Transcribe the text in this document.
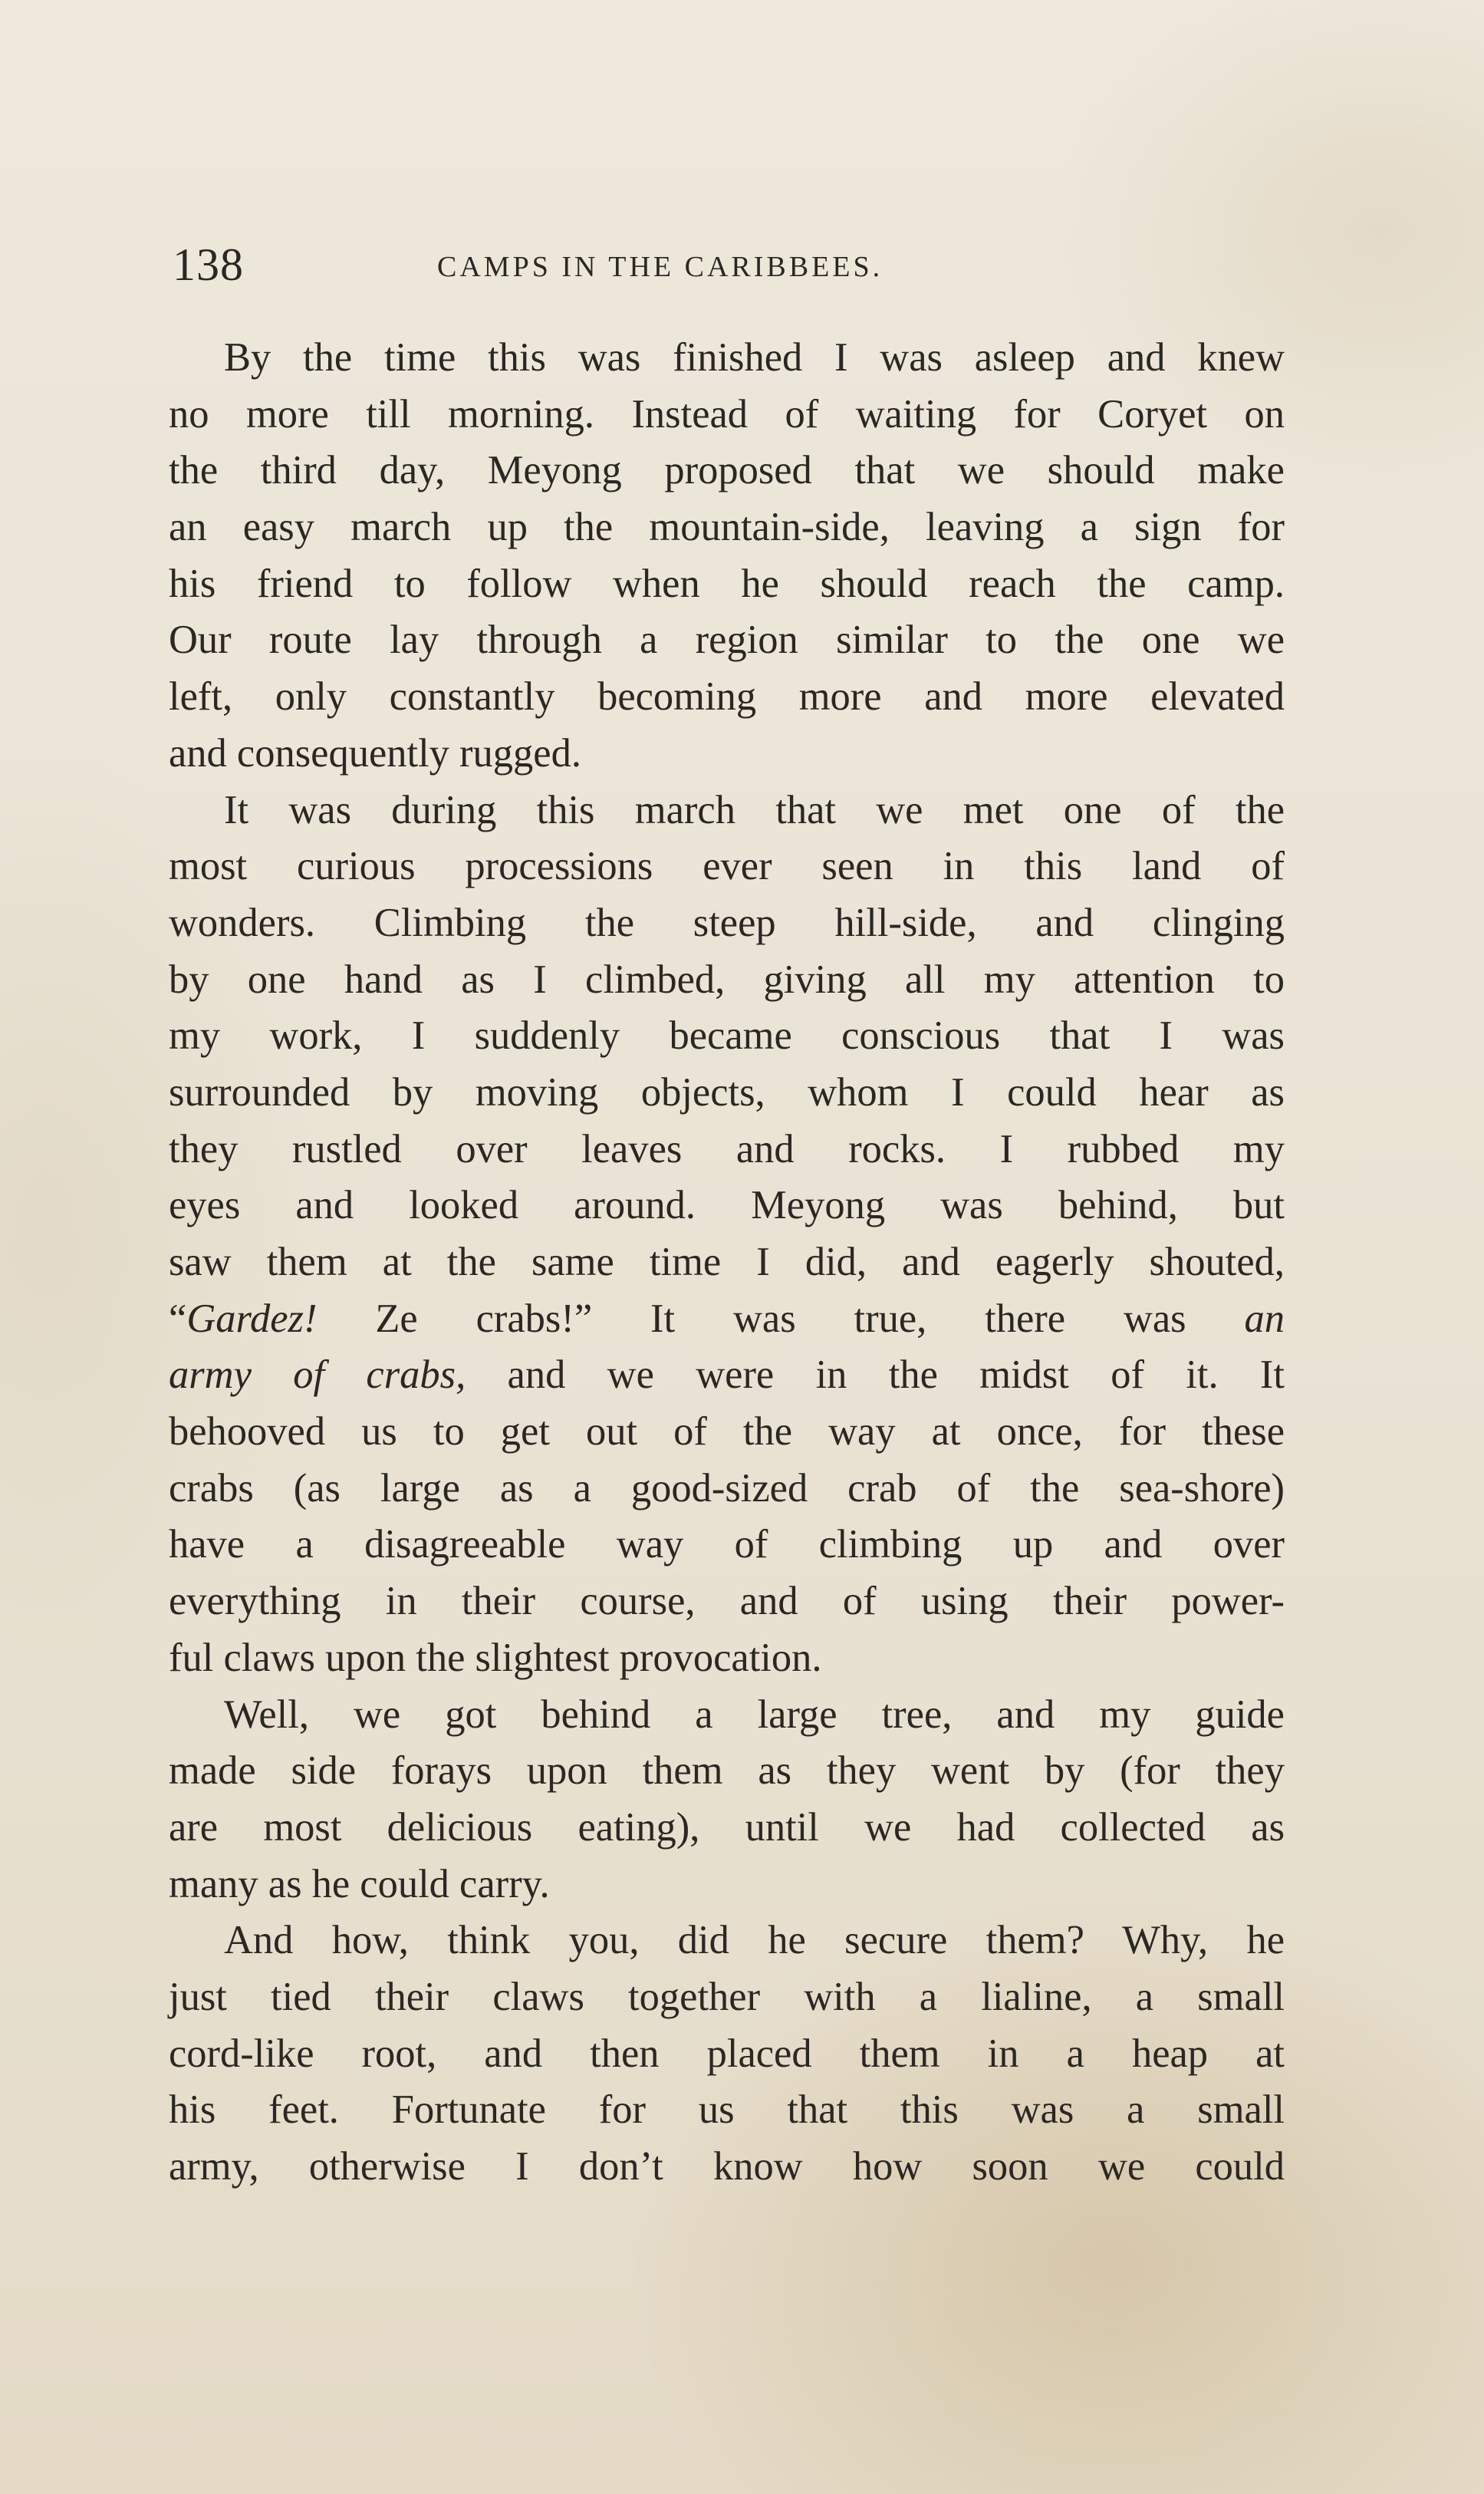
138	CAMPS IN THE CARIBBEES.
By the time this was finished I was asleep and knew
no more till morning. Instead of waiting for Coryet on
the third day, Meyong proposed that we should make
an easy march up the mountain-side, leaving a sign for
his friend to follow when he should reach the camp.
Our route lay through a region similar to the one we
left, only constantly becoming more and more elevated
and consequently rugged.
It was during this march that we met one of the
most curious processions ever seen in this land of
wonders. Climbing the steep hill-side, and clinging
by one hand as I climbed, giving all my attention to
my work, I suddenly became conscious that I was
surrounded by moving objects, whom I could hear as
they rustled over leaves and rocks. I rubbed my
eyes and looked around. Meyong was behind, but
saw them at the same time I did, and eagerly shouted,
“Gardez! Ze crabs!” It was true, there was an
army of crabs, and we were in the midst of it. It
behooved us to get out of the way at once, for these
crabs (as large as a good-sized crab of the sea-shore)
have a disagreeable way of climbing up and over
everything in their course, and of using their power-
ful claws upon the slightest provocation.
Well, we got behind a large tree, and my guide
made side forays upon them as they went by (for they
are most delicious eating), until we had collected as
many as he could carry.
And how, think you, did he secure them? Why, he
just tied their claws together with a lialine, a small
cord-like root, and then placed them in a heap at
his feet. Fortunate for us that this was a small
army, otherwise I don’t know how soon we could
